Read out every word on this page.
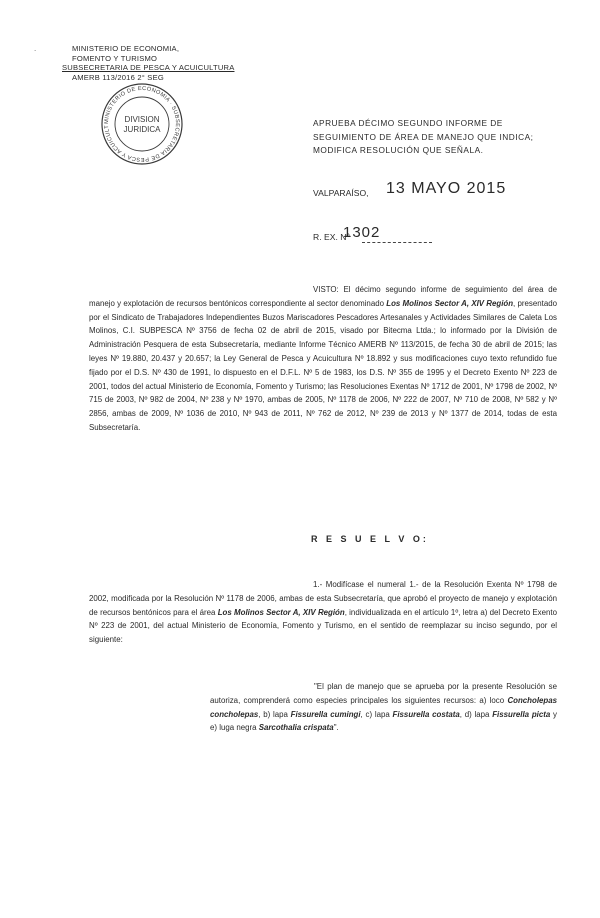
.	MINISTERIO DE ECONOMIA,
FOMENTO Y TURISMO
SUBSECRETARIA DE PESCA Y ACUICULTURA
AMERB 113/2016 2° SEG
MINISTERIO DE ECONOMIA · SUBSECRETARIA DE PESCA Y ACUICULT
DIVISION
JURIDICA
APRUEBA DÉCIMO SEGUNDO INFORME DE SEGUIMIENTO DE ÁREA DE MANEJO QUE INDICA; MODIFICA RESOLUCIÓN QUE SEÑALA.
VALPARAÍSO, 13 MAYO 2015
R. EX. Nº
1302
VISTO: El décimo segundo informe de seguimiento del área de manejo y explotación de recursos bentónicos correspondiente al sector denominado Los Molinos Sector A, XIV Región, presentado por el Sindicato de Trabajadores Independientes Buzos Mariscadores Pescadores Artesanales y Actividades Similares de Caleta Los Molinos, C.I. SUBPESCA Nº 3756 de fecha 02 de abril de 2015, visado por Bitecma Ltda.; lo informado por la División de Administración Pesquera de esta Subsecretaría, mediante Informe Técnico AMERB Nº 113/2015, de fecha 30 de abril de 2015; las leyes Nº 19.880, 20.437 y 20.657; la Ley General de Pesca y Acuicultura Nº 18.892 y sus modificaciones cuyo texto refundido fue fijado por el D.S. Nº 430 de 1991, lo dispuesto en el D.F.L. Nº 5 de 1983, los D.S. Nº 355 de 1995 y el Decreto Exento Nº 223 de 2001, todos del actual Ministerio de Economía, Fomento y Turismo; las Resoluciones Exentas Nº 1712 de 2001, Nº 1798 de 2002, Nº 715 de 2003, Nº 982 de 2004, Nº 238 y Nº 1970, ambas de 2005, Nº 1178 de 2006, Nº 222 de 2007, Nº 710 de 2008, Nº 582 y Nº 2856, ambas de 2009, Nº 1036 de 2010, Nº 943 de 2011, Nº 762 de 2012, Nº 239 de 2013 y Nº 1377 de 2014, todas de esta Subsecretaría.
R E S U E L V O:
1.- Modifícase el numeral 1.- de la Resolución Exenta Nº 1798 de 2002, modificada por la Resolución Nº 1178 de 2006, ambas de esta Subsecretaría, que aprobó el proyecto de manejo y explotación de recursos bentónicos para el área Los Molinos Sector A, XIV Región, individualizada en el artículo 1º, letra a) del Decreto Exento Nº 223 de 2001, del actual Ministerio de Economía, Fomento y Turismo, en el sentido de reemplazar su inciso segundo, por el siguiente:
"El plan de manejo que se aprueba por la presente Resolución se autoriza, comprenderá como especies principales los siguientes recursos: a) loco Concholepas concholepas, b) lapa Fissurella cumingi, c) lapa Fissurella costata, d) lapa Fissurella picta y e) luga negra Sarcothalia crispata".
